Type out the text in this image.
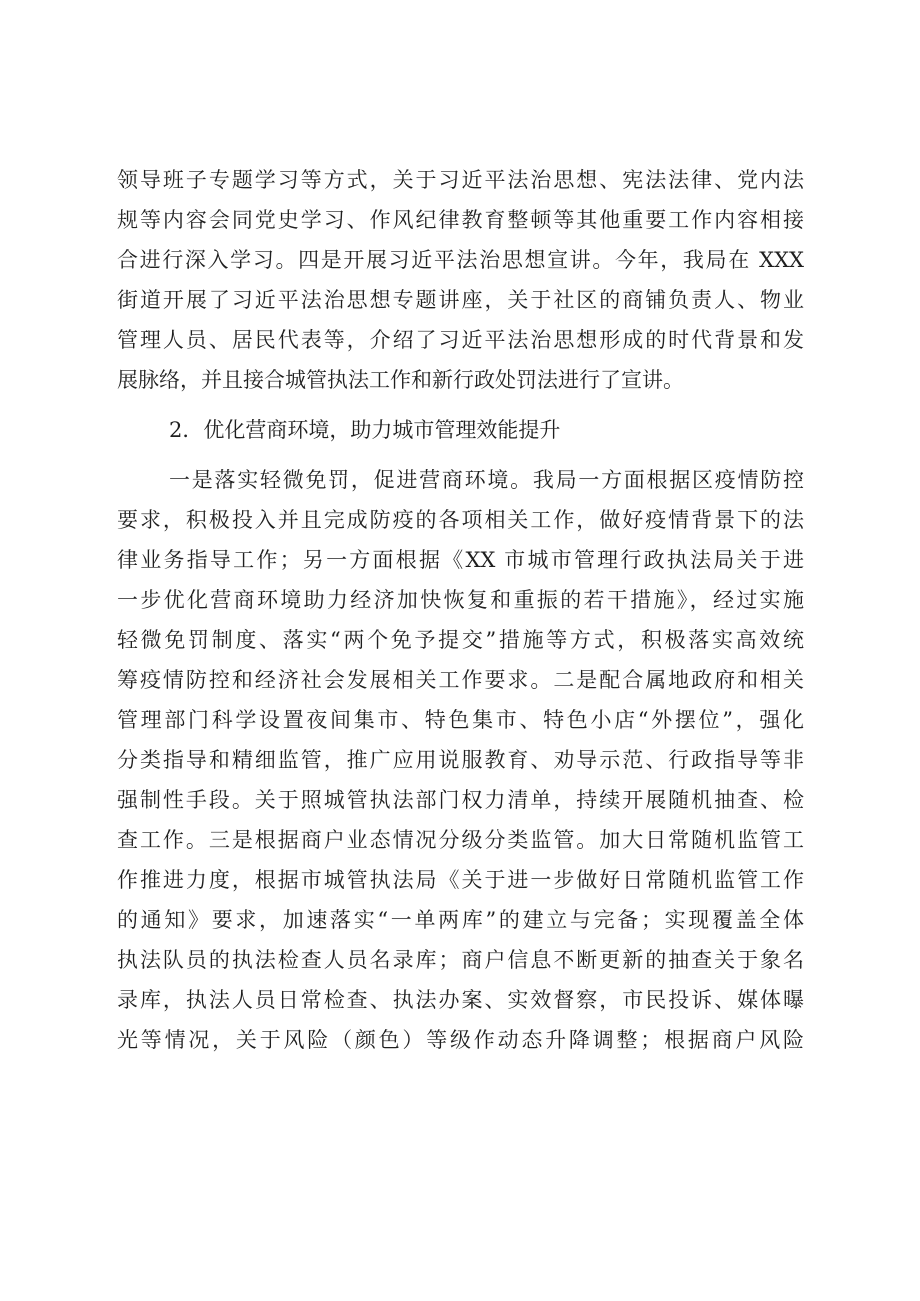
领导班子专题学习等方式，关于习近平法治思想、宪法法律、党内法
规等内容会同党史学习、作风纪律教育整顿等其他重要工作内容相接
合进行深入学习。四是开展习近平法治思想宣讲。今年，我局在 XXX
街道开展了习近平法治思想专题讲座，关于社区的商铺负责人、物业
管理人员、居民代表等，介绍了习近平法治思想形成的时代背景和发
展脉络，并且接合城管执法工作和新行政处罚法进行了宣讲。
2．优化营商环境，助力城市管理效能提升
一是落实轻微免罚，促进营商环境。我局一方面根据区疫情防控
要求，积极投入并且完成防疫的各项相关工作，做好疫情背景下的法
律业务指导工作；另一方面根据《XX 市城市管理行政执法局关于进
一步优化营商环境助力经济加快恢复和重振的若干措施》，经过实施
轻微免罚制度、落实“两个免予提交”措施等方式，积极落实高效统
筹疫情防控和经济社会发展相关工作要求。二是配合属地政府和相关
管理部门科学设置夜间集市、特色集市、特色小店“外摆位”，强化
分类指导和精细监管，推广应用说服教育、劝导示范、行政指导等非
强制性手段。关于照城管执法部门权力清单，持续开展随机抽查、检
查工作。三是根据商户业态情况分级分类监管。加大日常随机监管工
作推进力度，根据市城管执法局《关于进一步做好日常随机监管工作
的通知》要求，加速落实“一单两库”的建立与完备；实现覆盖全体
执法队员的执法检查人员名录库；商户信息不断更新的抽查关于象名
录库，执法人员日常检查、执法办案、实效督察，市民投诉、媒体曝
光等情况，关于风险（颜色）等级作动态升降调整；根据商户风险
